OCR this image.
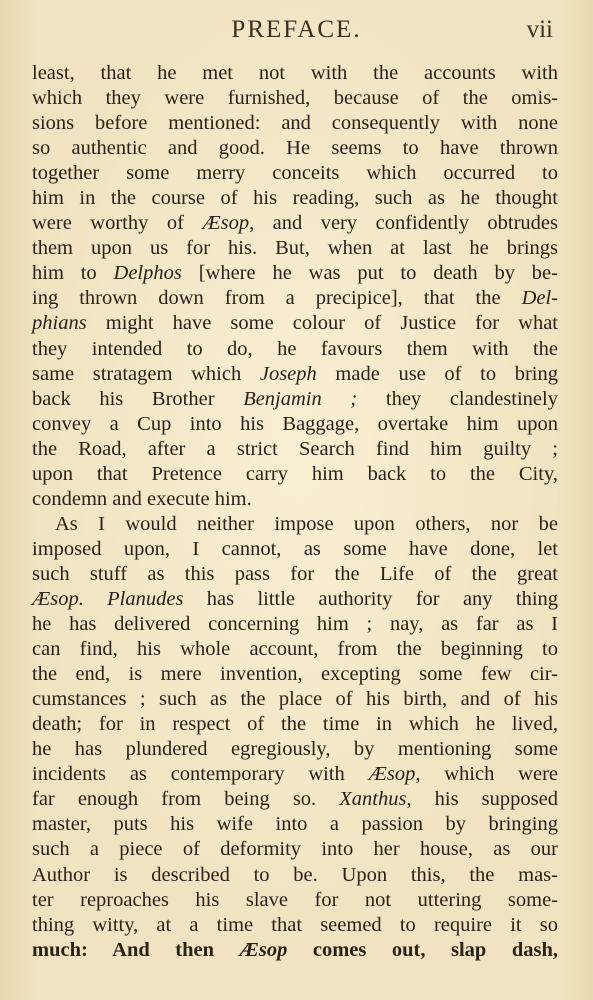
PREFACE.	vii
least, that he met not with the accounts with
which they were furnished, because of the omis-
sions before mentioned: and consequently with none
so authentic and good. He seems to have thrown
together some merry conceits which occurred to
him in the course of his reading, such as he thought
were worthy of Æsop, and very confidently obtrudes
them upon us for his. But, when at last he brings
him to Delphos [where he was put to death by be-
ing thrown down from a precipice], that the Del-
phians might have some colour of Justice for what
they intended to do, he favours them with the
same stratagem which Joseph made use of to bring
back his Brother Benjamin ; they clandestinely
convey a Cup into his Baggage, overtake him upon
the Road, after a strict Search find him guilty ;
upon that Pretence carry him back to the City,
condemn and execute him.
As I would neither impose upon others, nor be
imposed upon, I cannot, as some have done, let
such stuff as this pass for the Life of the great
Æsop. Planudes has little authority for any thing
he has delivered concerning him ; nay, as far as I
can find, his whole account, from the beginning to
the end, is mere invention, excepting some few cir-
cumstances ; such as the place of his birth, and of his
death; for in respect of the time in which he lived,
he has plundered egregiously, by mentioning some
incidents as contemporary with Æsop, which were
far enough from being so. Xanthus, his supposed
master, puts his wife into a passion by bringing
such a piece of deformity into her house, as our
Author is described to be. Upon this, the mas-
ter reproaches his slave for not uttering some-
thing witty, at a time that seemed to require it so
much: And then Æsop comes out, slap dash,
